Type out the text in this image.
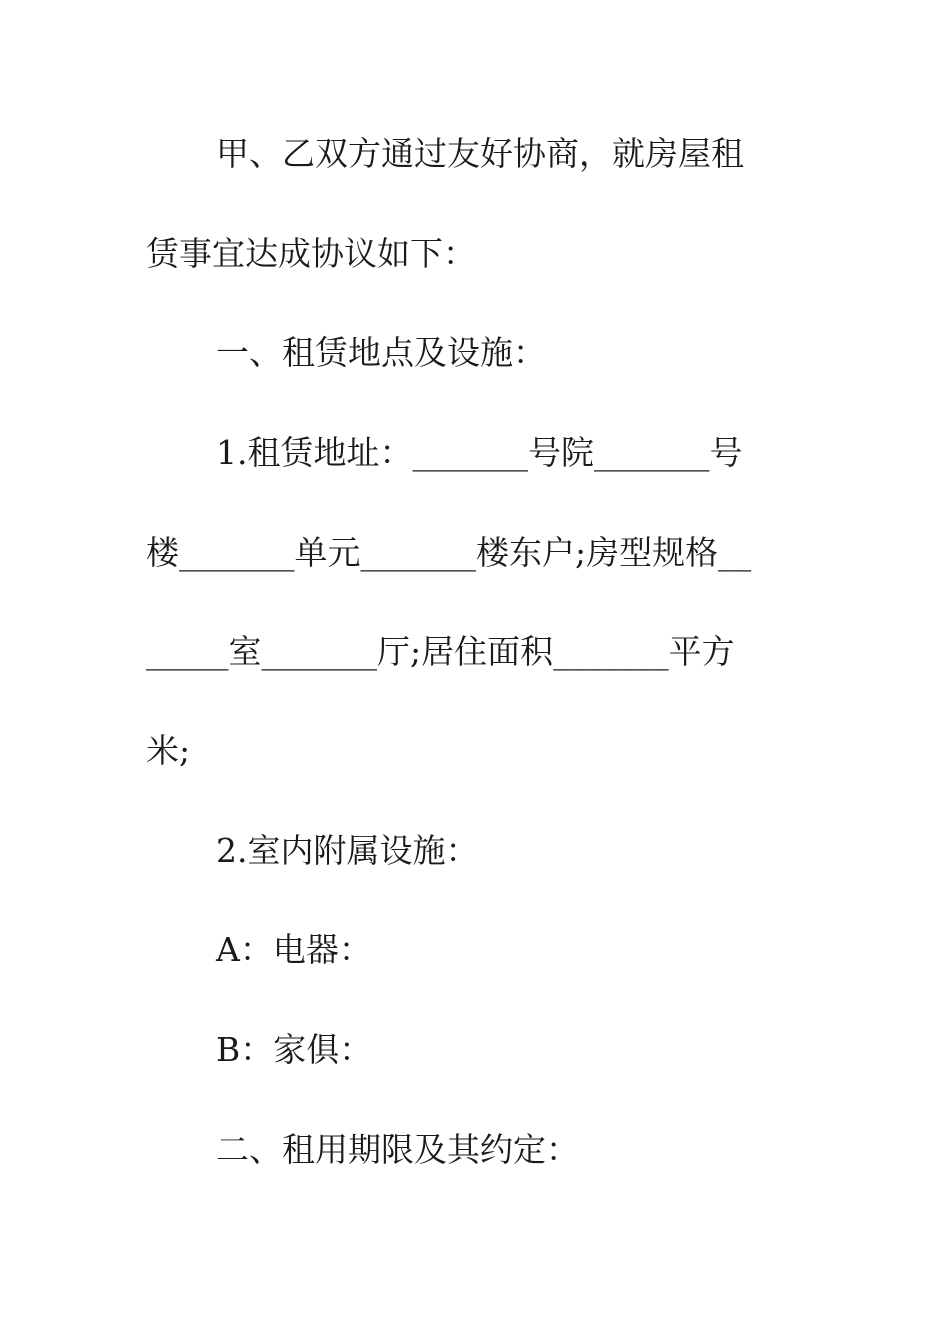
甲、乙双方通过友好协商，就房屋租
赁事宜达成协议如下：
一、租赁地点及设施：
1.租赁地址：_______号院_______号
楼_______单元_______楼东户;房型规格__
_____室_______厅;居住面积_______平方
米;
2.室内附属设施：
A：电器：
B：家俱：
二、租用期限及其约定：
